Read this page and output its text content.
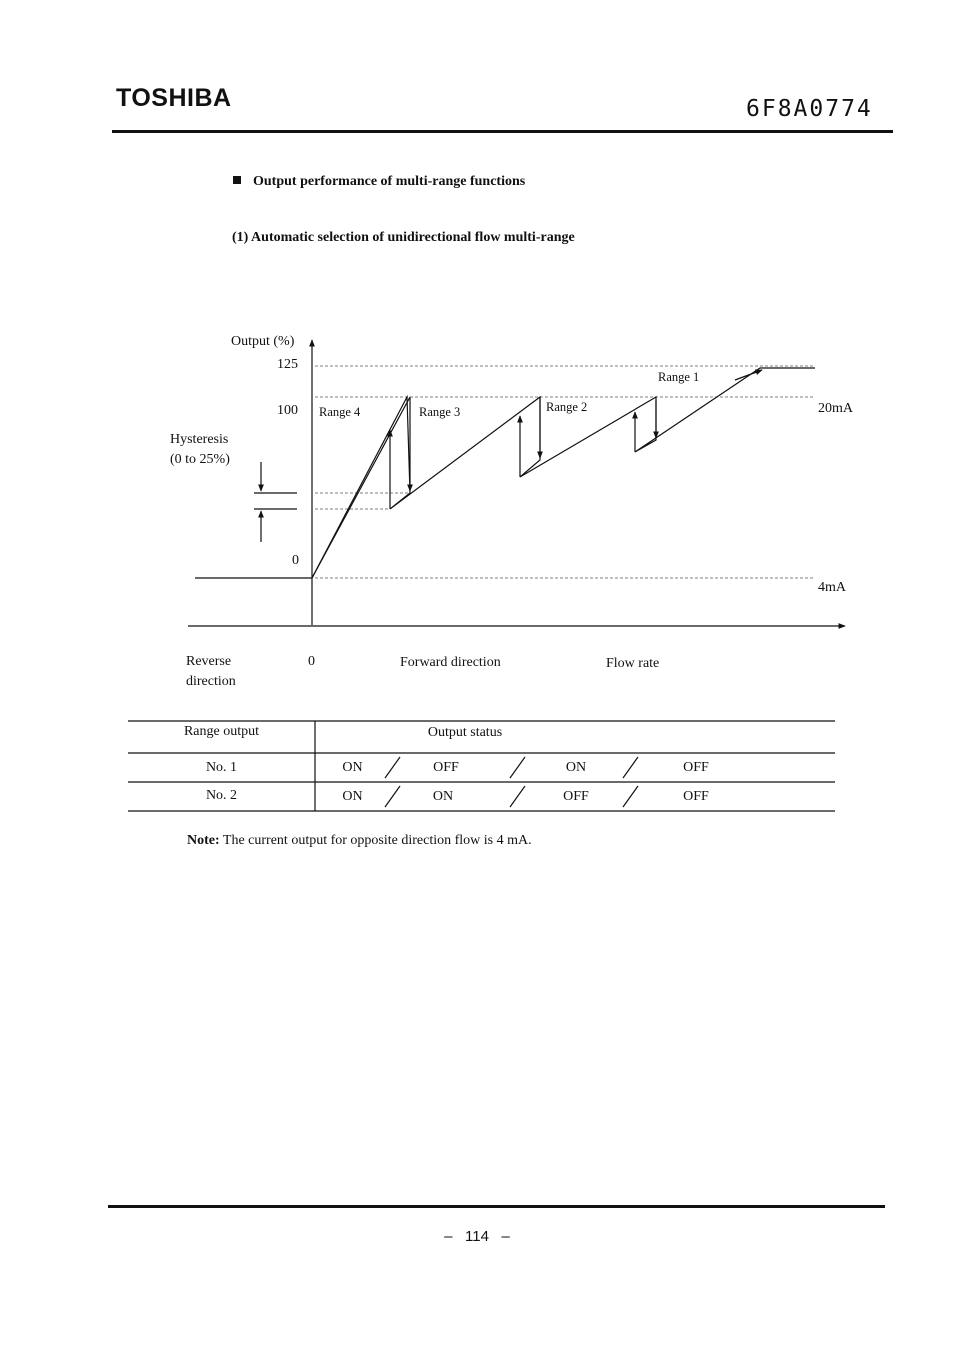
TOSHIBA	6F8A0774
Output performance of multi-range functions
(1) Automatic selection of unidirectional flow multi-range
Output (%)
125
100
0
Hysteresis
(0 to 25%)
Range 4	Range 3	Range 2
Range 1
20mA
4mA
Reverse
direction
0	Forward direction	Flow rate
Range output	Output status
No. 1	ON	OFF	ON	OFF
No. 2	ON	ON	OFF	OFF
Note: The current output for opposite direction flow is 4 mA.
–   114   –
